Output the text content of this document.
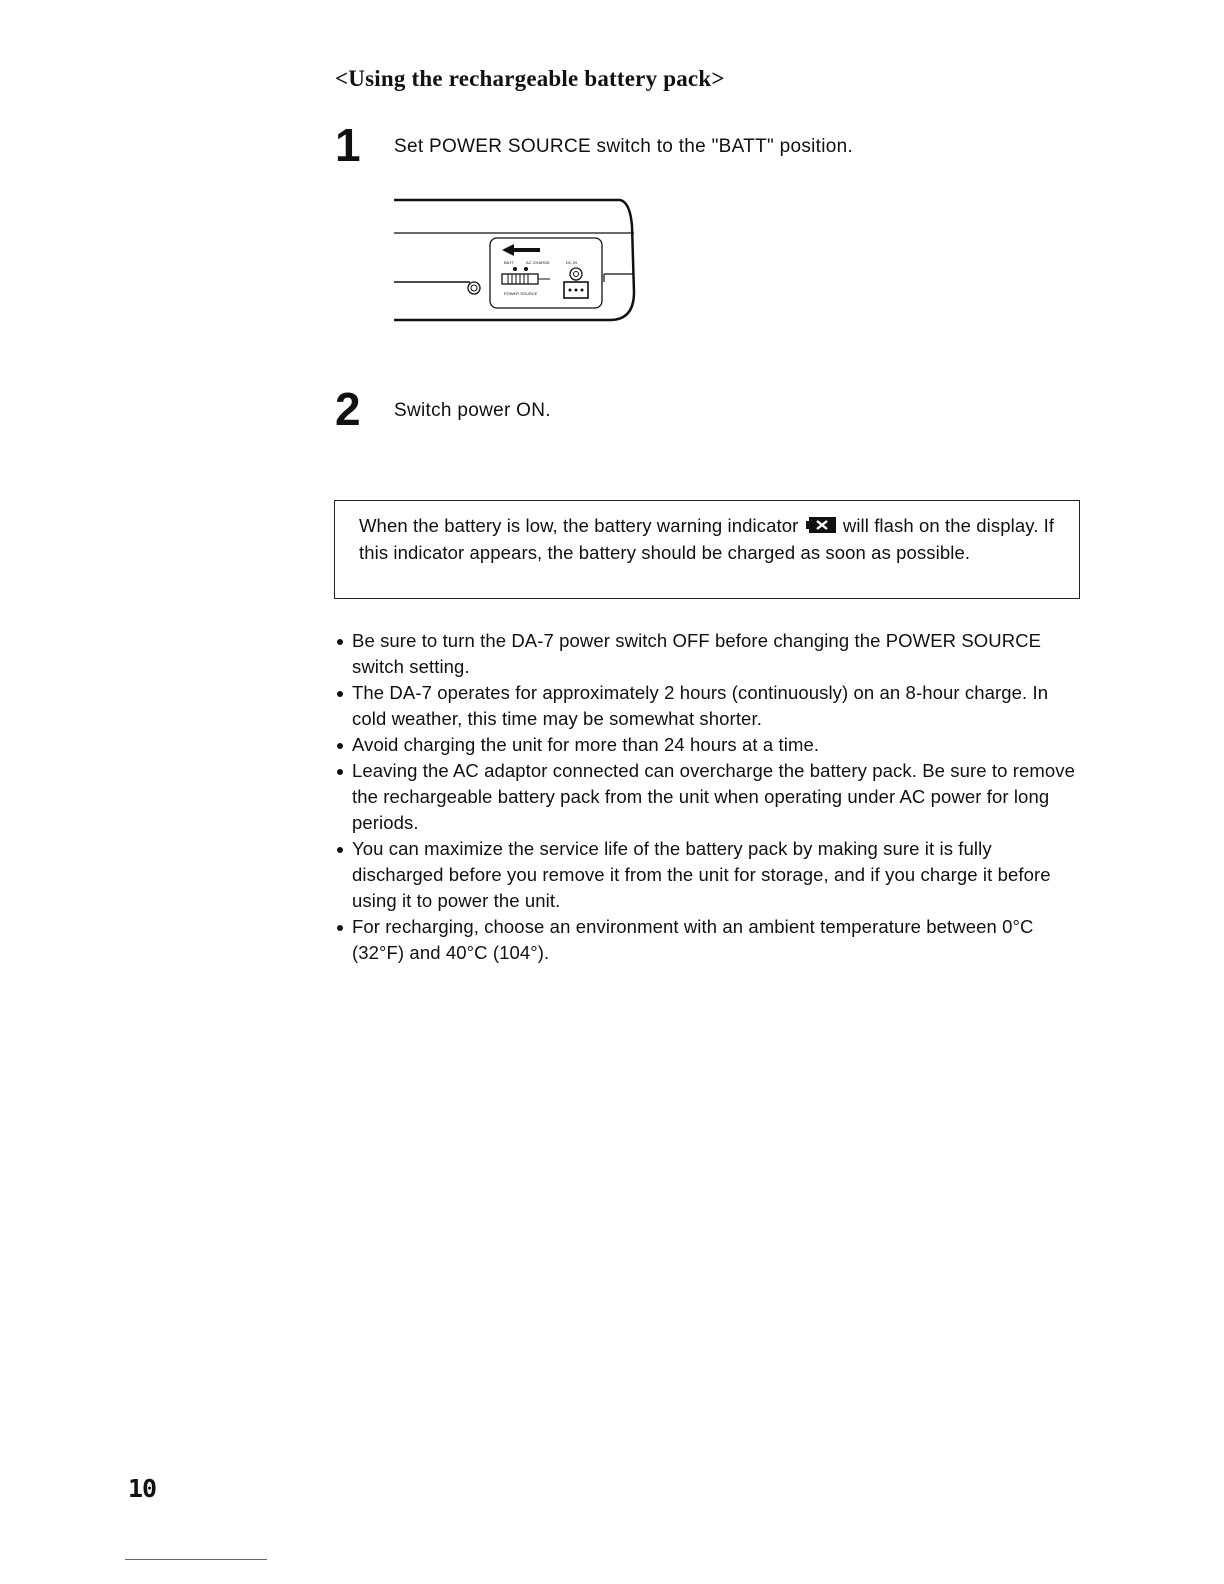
<Using the rechargeable battery pack>
1 Set POWER SOURCE switch to the "BATT" position.
BATT	AC CHARGE	DC IN
POWER SOURCE
2 Switch power ON.
When the battery is low, the battery warning indicator will flash on the display. If this indicator appears, the battery should be charged as soon as possible.
Be sure to turn the DA-7 power switch OFF before changing the POWER SOURCE switch setting.
The DA-7 operates for approximately 2 hours (continuously) on an 8-hour charge. In cold weather, this time may be somewhat shorter.
Avoid charging the unit for more than 24 hours at a time.
Leaving the AC adaptor connected can overcharge the battery pack. Be sure to remove the rechargeable battery pack from the unit when operating under AC power for long periods.
You can maximize the service life of the battery pack by making sure it is fully discharged before you remove it from the unit for storage, and if you charge it before using it to power the unit.
For recharging, choose an environment with an ambient temperature between 0°C (32°F) and 40°C (104°).
10
